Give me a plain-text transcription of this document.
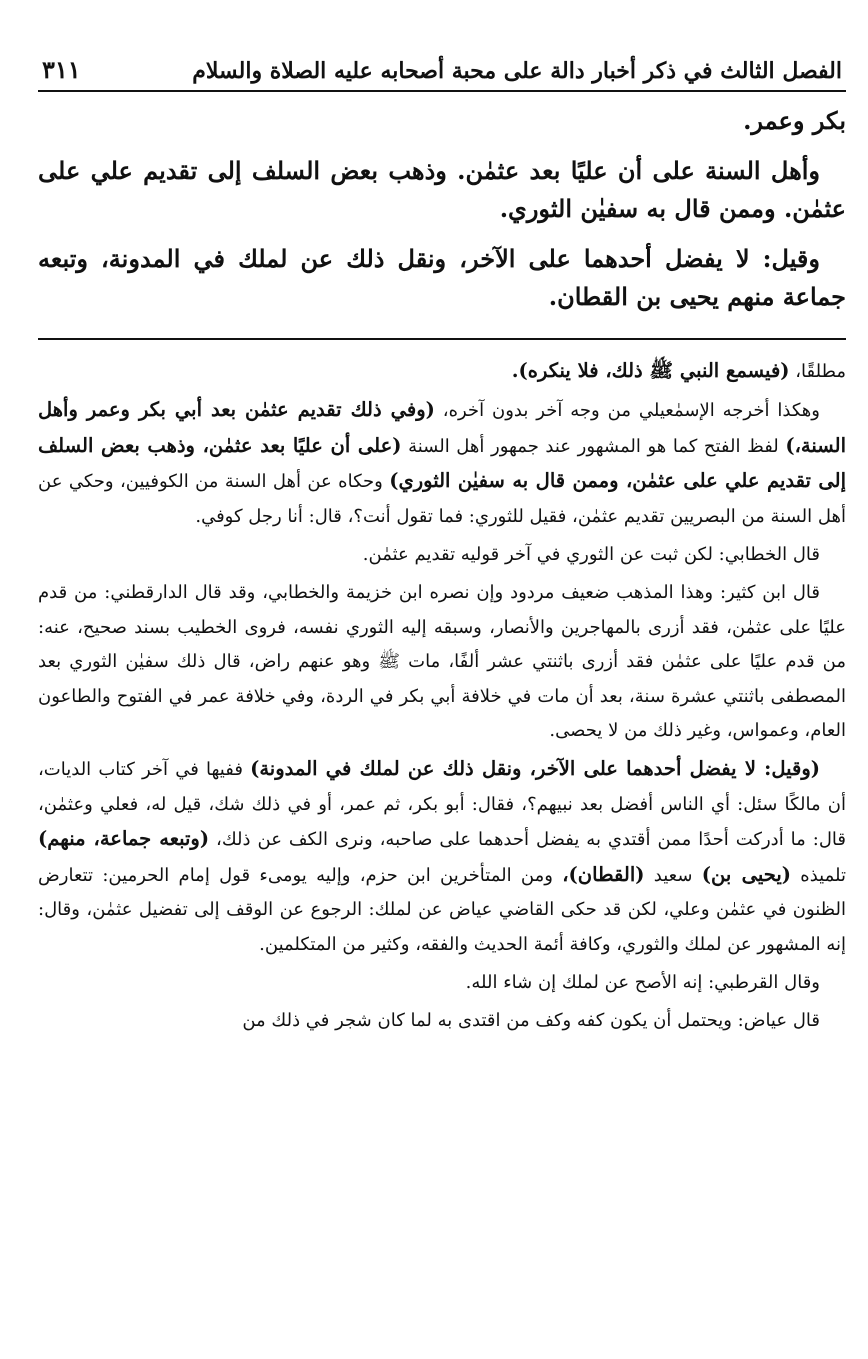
الفصل الثالث في ذكر أخبار دالة على محبة أصحابه عليه الصلاة والسلام
٣١١

بكر وعمر.

وأهل السنة على أن عليًا بعد عثمٰن. وذهب بعض السلف إلى تقديم علي على عثمٰن. وممن قال به سفيٰن الثوري.

وقيل: لا يفضل أحدهما على الآخر، ونقل ذلك عن لملك في المدونة، وتبعه جماعة منهم يحيى بن القطان.

مطلقًا، (فيسمع النبي ﷺ ذلك، فلا ينكره).

وهكذا أخرجه الإسمٰعيلي من وجه آخر بدون آخره، (وفي ذلك تقديم عثمٰن بعد أبي بكر وعمر وأهل السنة،) لفظ الفتح كما هو المشهور عند جمهور أهل السنة (على أن عليًا بعد عثمٰن، وذهب بعض السلف إلى تقديم علي على عثمٰن، وممن قال به سفيٰن الثوري) وحكاه عن أهل السنة من الكوفيين، وحكي عن أهل السنة من البصريين تقديم عثمٰن، فقيل للثوري: فما تقول أنت؟، قال: أنا رجل كوفي.

قال الخطابي: لكن ثبت عن الثوري في آخر قوليه تقديم عثمٰن.

قال ابن كثير: وهذا المذهب ضعيف مردود وإن نصره ابن خزيمة والخطابي، وقد قال الدارقطني: من قدم عليًا على عثمٰن، فقد أزرى بالمهاجرين والأنصار، وسبقه إليه الثوري نفسه، فروى الخطيب بسند صحيح، عنه: من قدم عليًا على عثمٰن فقد أزرى باثنتي عشر ألفًا، مات ﷺ وهو عنهم راض، قال ذلك سفيٰن الثوري بعد المصطفى باثنتي عشرة سنة، بعد أن مات في خلافة أبي بكر في الردة، وفي خلافة عمر في الفتوح والطاعون العام، وعمواس، وغير ذلك من لا يحصى.

(وقيل: لا يفضل أحدهما على الآخر، ونقل ذلك عن لملك في المدونة) ففيها في آخر كتاب الديات، أن مالكًا سئل: أي الناس أفضل بعد نبيهم؟، فقال: أبو بكر، ثم عمر، أو في ذلك شك، قيل له، فعلي وعثمٰن، قال: ما أدركت أحدًا ممن أقتدي به يفضل أحدهما على صاحبه، ونرى الكف عن ذلك، (وتبعه جماعة، منهم) تلميذه (يحيى بن) سعيد (القطان)، ومن المتأخرين ابن حزم، وإليه يومىء قول إمام الحرمين: تتعارض الظنون في عثمٰن وعلي، لكن قد حكى القاضي عياض عن لملك: الرجوع عن الوقف إلى تفضيل عثمٰن، وقال: إنه المشهور عن لملك والثوري، وكافة أئمة الحديث والفقه، وكثير من المتكلمين.

وقال القرطبي: إنه الأصح عن لملك إن شاء الله.

قال عياض: ويحتمل أن يكون كفه وكف من اقتدى به لما كان شجر في ذلك من
